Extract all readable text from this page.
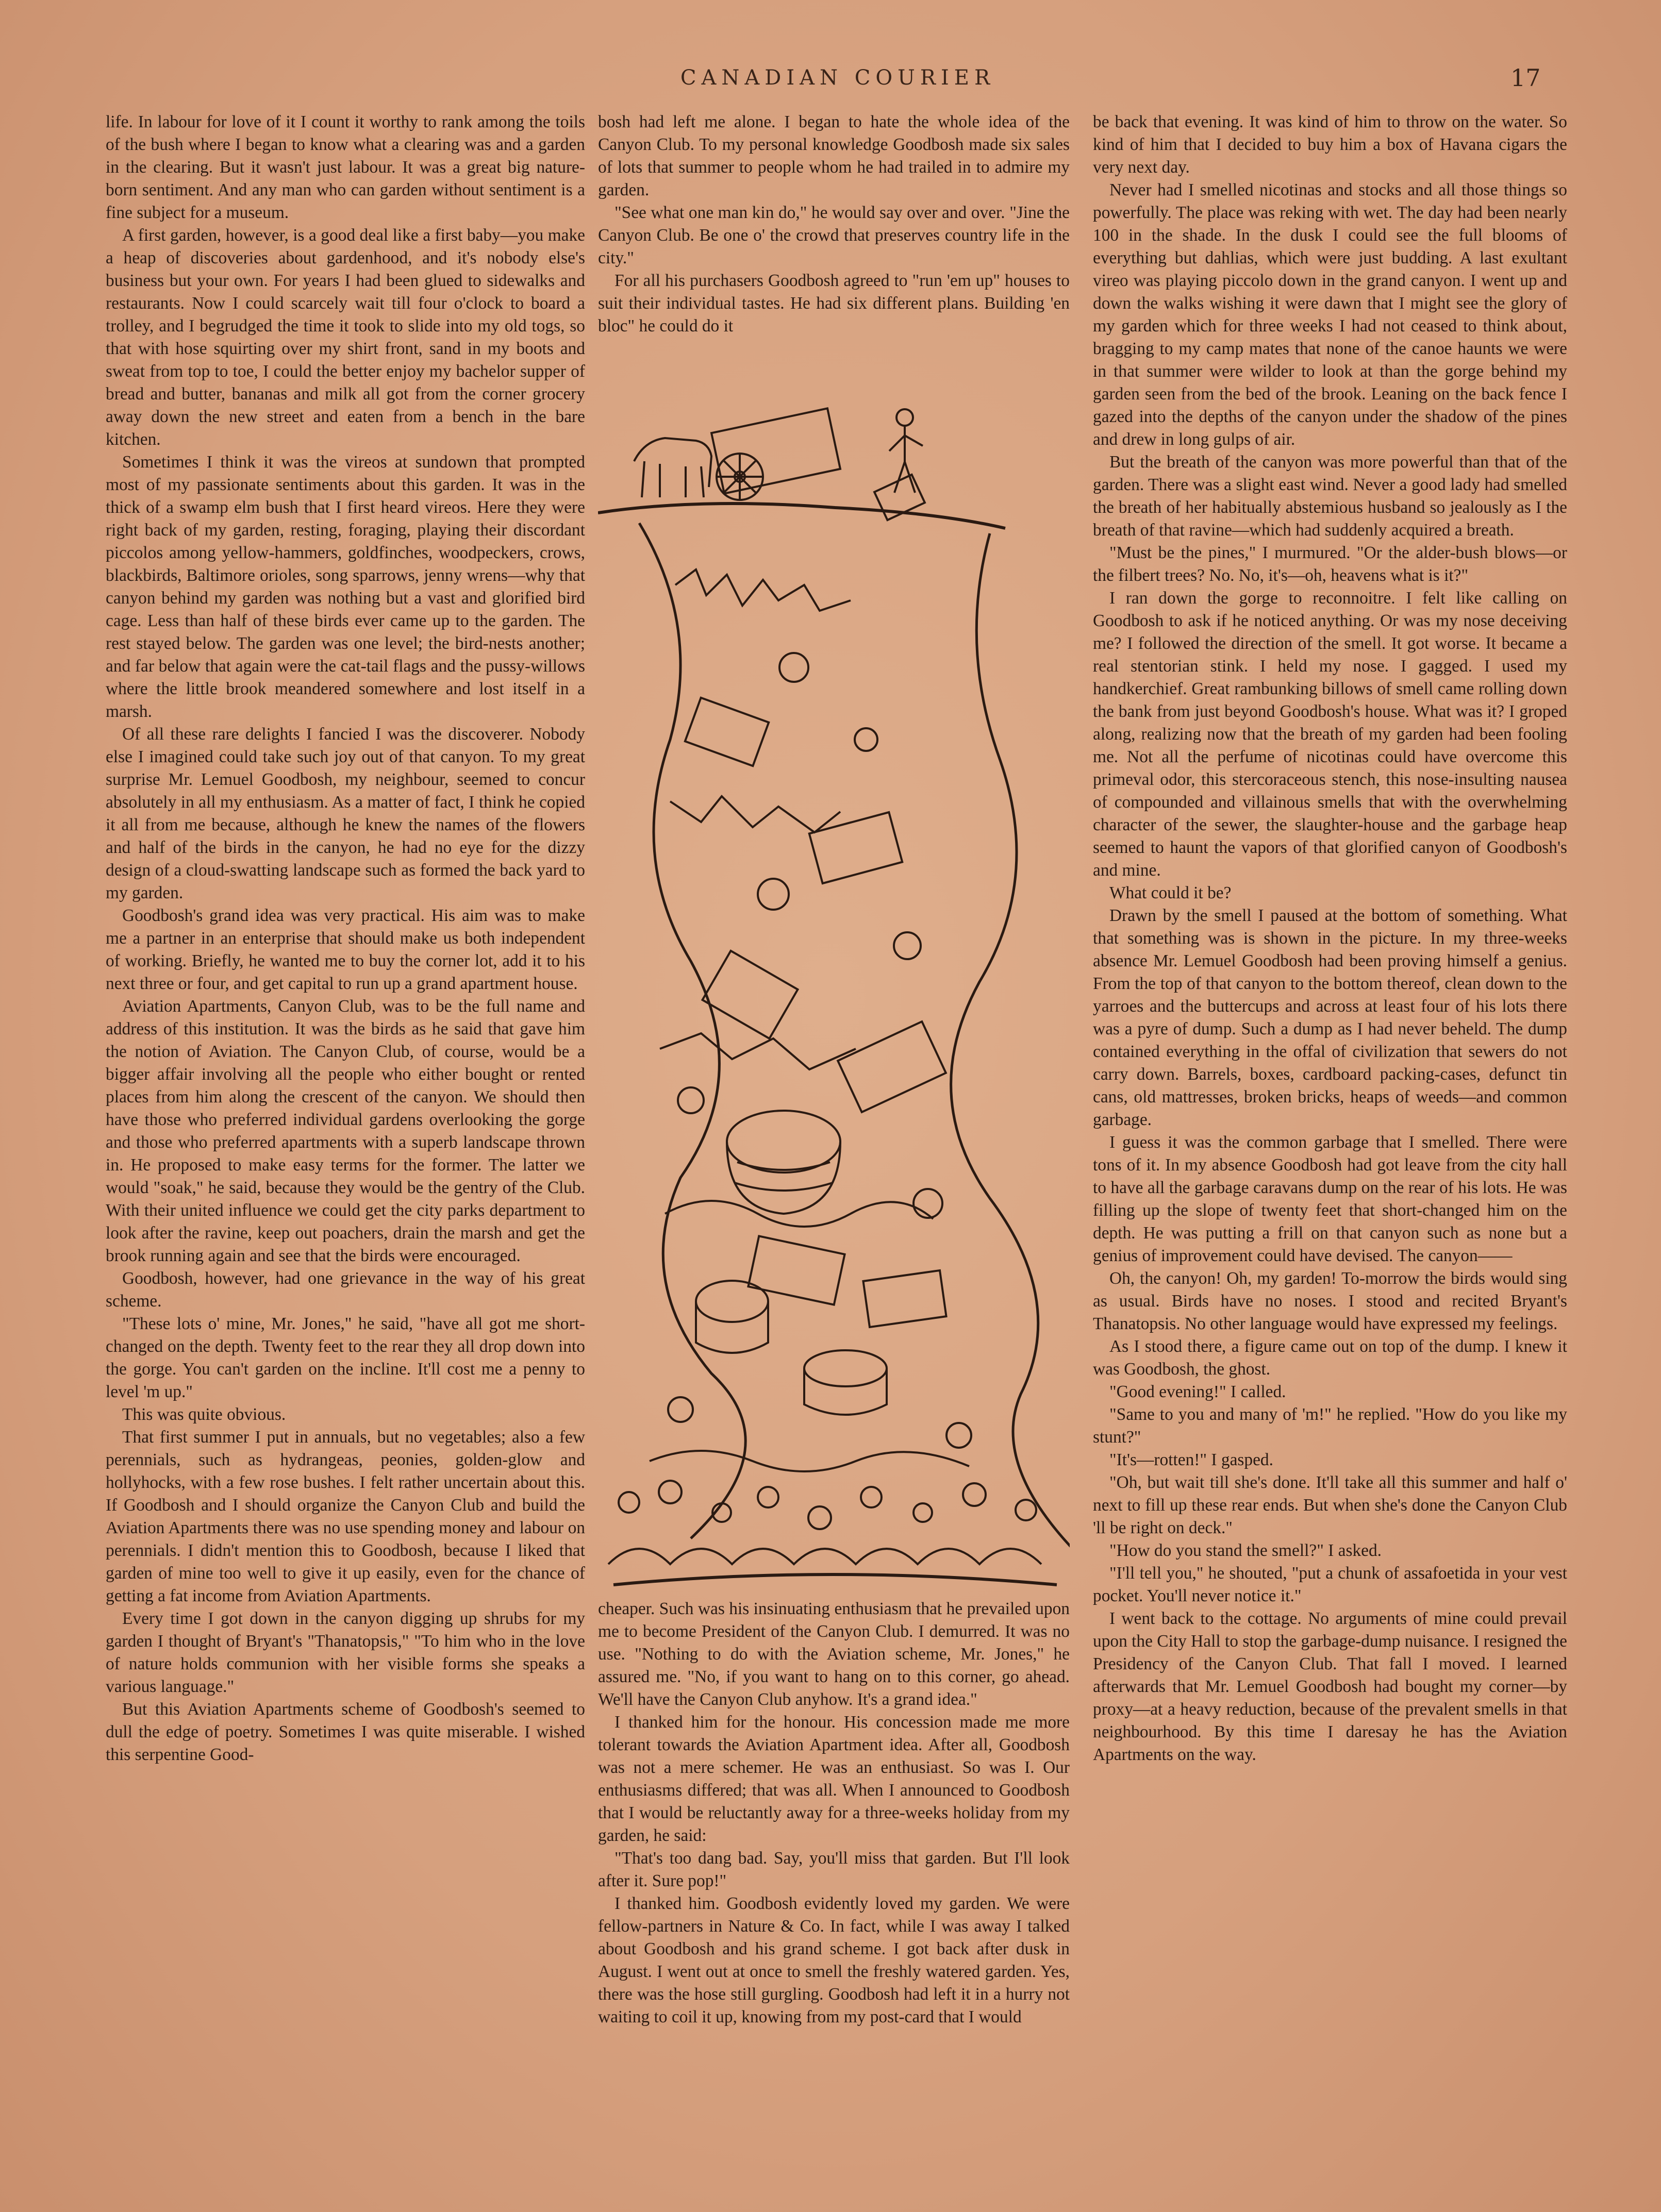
CANADIAN COURIER	17

life. In labour for love of it I count it worthy to rank among the toils of the bush where I began to know what a clearing was and a garden in the clearing. But it wasn't just labour. It was a great big nature-born sentiment. And any man who can garden without sentiment is a fine subject for a museum.

A first garden, however, is a good deal like a first baby—you make a heap of discoveries about gardenhood, and it's nobody else's business but your own. For years I had been glued to sidewalks and restaurants. Now I could scarcely wait till four o'clock to board a trolley, and I begrudged the time it took to slide into my old togs, so that with hose squirting over my shirt front, sand in my boots and sweat from top to toe, I could the better enjoy my bachelor supper of bread and butter, bananas and milk all got from the corner grocery away down the new street and eaten from a bench in the bare kitchen.

Sometimes I think it was the vireos at sundown that prompted most of my passionate sentiments about this garden. It was in the thick of a swamp elm bush that I first heard vireos. Here they were right back of my garden, resting, foraging, playing their discordant piccolos among yellow-hammers, goldfinches, woodpeckers, crows, blackbirds, Baltimore orioles, song sparrows, jenny wrens—why that canyon behind my garden was nothing but a vast and glorified bird cage. Less than half of these birds ever came up to the garden. The rest stayed below. The garden was one level; the bird-nests another; and far below that again were the cat-tail flags and the pussy-willows where the little brook meandered somewhere and lost itself in a marsh.

Of all these rare delights I fancied I was the discoverer. Nobody else I imagined could take such joy out of that canyon. To my great surprise Mr. Lemuel Goodbosh, my neighbour, seemed to concur absolutely in all my enthusiasm. As a matter of fact, I think he copied it all from me because, although he knew the names of the flowers and half of the birds in the canyon, he had no eye for the dizzy design of a cloud-swatting landscape such as formed the back yard to my garden.

Goodbosh's grand idea was very practical. His aim was to make me a partner in an enterprise that should make us both independent of working. Briefly, he wanted me to buy the corner lot, add it to his next three or four, and get capital to run up a grand apartment house.

Aviation Apartments, Canyon Club, was to be the full name and address of this institution. It was the birds as he said that gave him the notion of Aviation. The Canyon Club, of course, would be a bigger affair involving all the people who either bought or rented places from him along the crescent of the canyon. We should then have those who preferred individual gardens overlooking the gorge and those who preferred apartments with a superb landscape thrown in. He proposed to make easy terms for the former. The latter we would "soak," he said, because they would be the gentry of the Club. With their united influence we could get the city parks department to look after the ravine, keep out poachers, drain the marsh and get the brook running again and see that the birds were encouraged.

Goodbosh, however, had one grievance in the way of his great scheme.

"These lots o' mine, Mr. Jones," he said, "have all got me short-changed on the depth. Twenty feet to the rear they all drop down into the gorge. You can't garden on the incline. It'll cost me a penny to level 'm up."

This was quite obvious.

That first summer I put in annuals, but no vegetables; also a few perennials, such as hydrangeas, peonies, golden-glow and hollyhocks, with a few rose bushes. I felt rather uncertain about this. If Goodbosh and I should organize the Canyon Club and build the Aviation Apartments there was no use spending money and labour on perennials. I didn't mention this to Goodbosh, because I liked that garden of mine too well to give it up easily, even for the chance of getting a fat income from Aviation Apartments.

Every time I got down in the canyon digging up shrubs for my garden I thought of Bryant's "Thanatopsis," "To him who in the love of nature holds communion with her visible forms she speaks a various language."

But this Aviation Apartments scheme of Goodbosh's seemed to dull the edge of poetry. Sometimes I was quite miserable. I wished this serpentine Good-

bosh had left me alone. I began to hate the whole idea of the Canyon Club. To my personal knowledge Goodbosh made six sales of lots that summer to people whom he had trailed in to admire my garden.

"See what one man kin do," he would say over and over. "Jine the Canyon Club. Be one o' the crowd that preserves country life in the city."

For all his purchasers Goodbosh agreed to "run 'em up" houses to suit their individual tastes. He had six different plans. Building 'en bloc" he could do it

cheaper. Such was his insinuating enthusiasm that he prevailed upon me to become President of the Canyon Club. I demurred. It was no use. "Nothing to do with the Aviation scheme, Mr. Jones," he assured me. "No, if you want to hang on to this corner, go ahead. We'll have the Canyon Club anyhow. It's a grand idea."

I thanked him for the honour. His concession made me more tolerant towards the Aviation Apartment idea. After all, Goodbosh was not a mere schemer. He was an enthusiast. So was I. Our enthusiasms differed; that was all. When I announced to Goodbosh that I would be reluctantly away for a three-weeks holiday from my garden, he said:

"That's too dang bad. Say, you'll miss that garden. But I'll look after it. Sure pop!"

I thanked him. Goodbosh evidently loved my garden. We were fellow-partners in Nature & Co. In fact, while I was away I talked about Goodbosh and his grand scheme. I got back after dusk in August. I went out at once to smell the freshly watered garden. Yes, there was the hose still gurgling. Goodbosh had left it in a hurry not waiting to coil it up, knowing from my post-card that I would

be back that evening. It was kind of him to throw on the water. So kind of him that I decided to buy him a box of Havana cigars the very next day.

Never had I smelled nicotinas and stocks and all those things so powerfully. The place was reking with wet. The day had been nearly 100 in the shade. In the dusk I could see the full blooms of everything but dahlias, which were just budding. A last exultant vireo was playing piccolo down in the grand canyon. I went up and down the walks wishing it were dawn that I might see the glory of my garden which for three weeks I had not ceased to think about, bragging to my camp mates that none of the canoe haunts we were in that summer were wilder to look at than the gorge behind my garden seen from the bed of the brook. Leaning on the back fence I gazed into the depths of the canyon under the shadow of the pines and drew in long gulps of air.

But the breath of the canyon was more powerful than that of the garden. There was a slight east wind. Never a good lady had smelled the breath of her habitually abstemious husband so jealously as I the breath of that ravine—which had suddenly acquired a breath.

"Must be the pines," I murmured. "Or the alder-bush blows—or the filbert trees? No. No, it's—oh, heavens what is it?"

I ran down the gorge to reconnoitre. I felt like calling on Goodbosh to ask if he noticed anything. Or was my nose deceiving me? I followed the direction of the smell. It got worse. It became a real stentorian stink. I held my nose. I gagged. I used my handkerchief. Great rambunking billows of smell came rolling down the bank from just beyond Goodbosh's house. What was it? I groped along, realizing now that the breath of my garden had been fooling me. Not all the perfume of nicotinas could have overcome this primeval odor, this stercoraceous stench, this nose-insulting nausea of compounded and villainous smells that with the overwhelming character of the sewer, the slaughter-house and the garbage heap seemed to haunt the vapors of that glorified canyon of Goodbosh's and mine.

What could it be?

Drawn by the smell I paused at the bottom of something. What that something was is shown in the picture. In my three-weeks absence Mr. Lemuel Goodbosh had been proving himself a genius. From the top of that canyon to the bottom thereof, clean down to the yarroes and the buttercups and across at least four of his lots there was a pyre of dump. Such a dump as I had never beheld. The dump contained everything in the offal of civilization that sewers do not carry down. Barrels, boxes, cardboard packing-cases, defunct tin cans, old mattresses, broken bricks, heaps of weeds—and common garbage.

I guess it was the common garbage that I smelled. There were tons of it. In my absence Goodbosh had got leave from the city hall to have all the garbage caravans dump on the rear of his lots. He was filling up the slope of twenty feet that short-changed him on the depth. He was putting a frill on that canyon such as none but a genius of improvement could have devised. The canyon——

Oh, the canyon! Oh, my garden! To-morrow the birds would sing as usual. Birds have no noses. I stood and recited Bryant's Thanatopsis. No other language would have expressed my feelings.

As I stood there, a figure came out on top of the dump. I knew it was Goodbosh, the ghost.

"Good evening!" I called.

"Same to you and many of 'm!" he replied. "How do you like my stunt?"

"It's—rotten!" I gasped.

"Oh, but wait till she's done. It'll take all this summer and half o' next to fill up these rear ends. But when she's done the Canyon Club 'll be right on deck."

"How do you stand the smell?" I asked.

"I'll tell you," he shouted, "put a chunk of assafoetida in your vest pocket. You'll never notice it."

I went back to the cottage. No arguments of mine could prevail upon the City Hall to stop the garbage-dump nuisance. I resigned the Presidency of the Canyon Club. That fall I moved. I learned afterwards that Mr. Lemuel Goodbosh had bought my corner—by proxy—at a heavy reduction, because of the prevalent smells in that neighbourhood. By this time I daresay he has the Aviation Apartments on the way.
